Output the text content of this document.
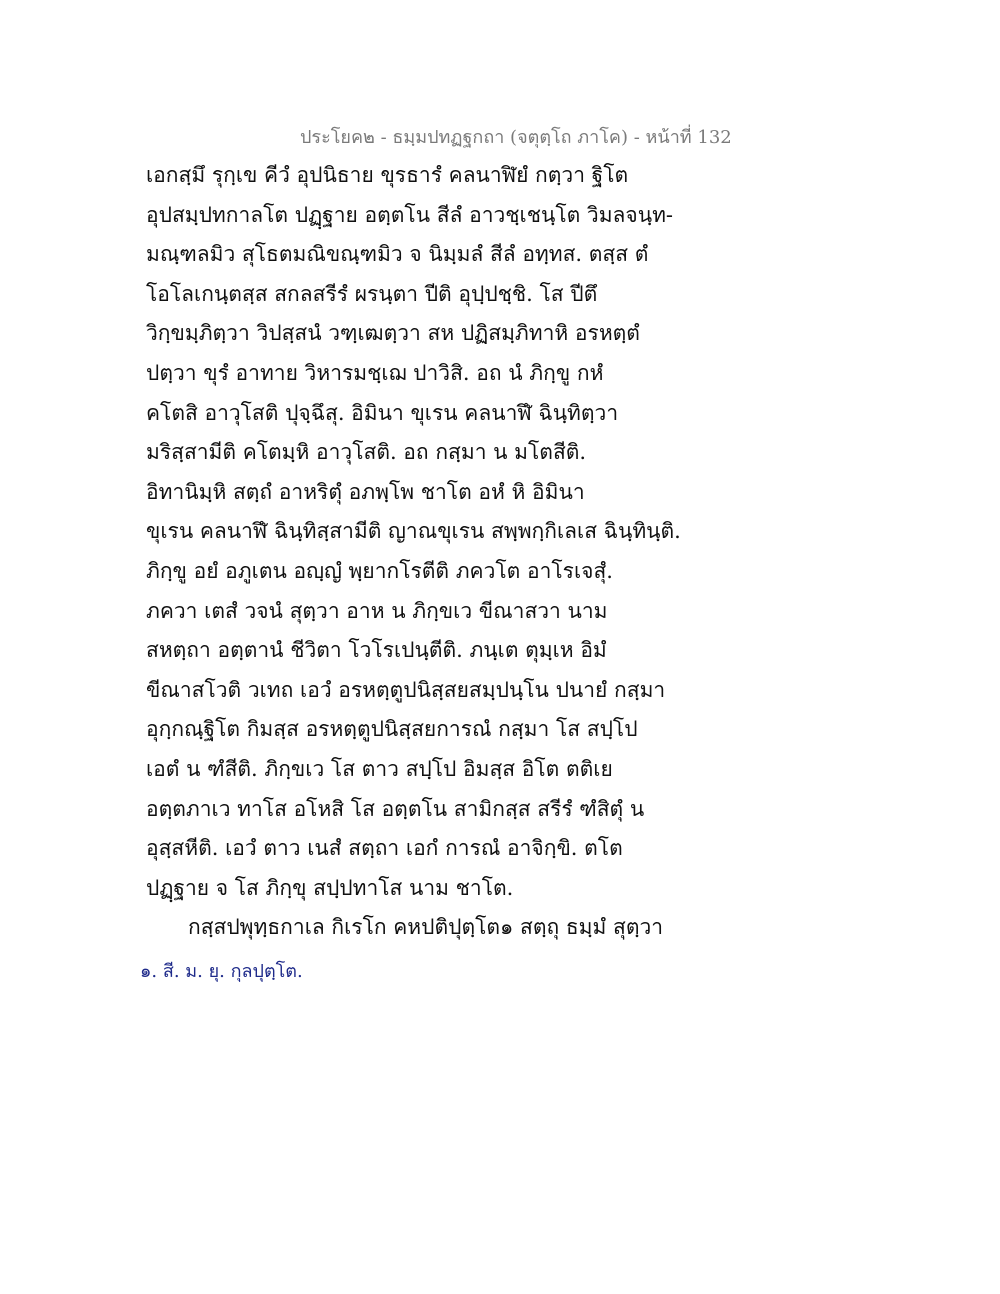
ประโยค๒ - ธมฺมปทฏฐกถา (จตุตฺโถ ภาโค) - หน้าที่ 132
เอกสฺมึ รุกฺเข คีวํ อุปนิธาย ขุรธารํ คลนาฬิยํ กตฺวา ฐิโต
อุปสมฺปทกาลโต ปฏฺฐาย อตฺตโน สีลํ อาวชฺเชนฺโต วิมลจนฺท-
มณฺฑลมิว สุโธตมณิขณฺฑมิว จ นิมฺมลํ สีลํ อทฺทส. ตสฺส ตํ
โอโลเกนฺตสฺส สกลสรีรํ ผรนฺตา ปีติ อุปฺปชฺชิ. โส ปีตึ
วิกฺขมฺภิตฺวา วิปสฺสนํ วฑฺเฒตฺวา สห ปฏิสมฺภิทาหิ อรหตฺตํ
ปตฺวา ขุรํ อาทาย วิหารมชฺเฌ ปาวิสิ. อถ นํ ภิกฺขู กหํ
คโตสิ อาวุโสติ ปุจฺฉึสุ. อิมินา ขุเรน คลนาฬึ ฉินฺทิตฺวา
มริสฺสามีติ คโตมฺหิ อาวุโสติ. อถ กสฺมา น มโตสีติ.
อิทานิมฺหิ สตฺถํ อาหริตุํ อภพฺโพ ชาโต อหํ หิ อิมินา
ขุเรน คลนาฬึ ฉินฺทิสฺสามีติ ญาณขุเรน สพฺพกฺกิเลเส ฉินฺทินฺติ.
ภิกฺขู อยํ อภูเตน อญฺญํ พฺยากโรตีติ ภควโต อาโรเจสุํ.
ภควา เตสํ วจนํ สุตฺวา อาห น ภิกฺขเว ขีณาสวา นาม
สหตฺถา อตฺตานํ ชีวิตา โวโรเปนฺตีติ. ภนฺเต ตุมฺเห อิมํ
ขีณาสโวติ วเทถ เอวํ อรหตฺตูปนิสฺสยสมฺปนฺโน ปนายํ กสฺมา
อุกฺกณฺฐิโต กิมสฺส อรหตฺตูปนิสฺสยการณํ กสฺมา โส สปฺโป
เอตํ น ฑํสีติ. ภิกฺขเว โส ตาว สปฺโป อิมสฺส อิโต ตติเย
อตฺตภาเว ทาโส อโหสิ โส อตฺตโน สามิกสฺส สรีรํ ฑํสิตุํ น
อุสฺสหีติ. เอวํ ตาว เนสํ สตฺถา เอกํ การณํ อาจิกฺขิ. ตโต
ปฏฺฐาย จ โส ภิกฺขุ สปฺปทาโส นาม ชาโต.
กสฺสปพุทฺธกาเล กิเรโก คหปติปุตฺโต๑ สตฺถุ ธมฺมํ สุตฺวา
๑. สี. ม. ยุ. กุลปุตฺโต.
